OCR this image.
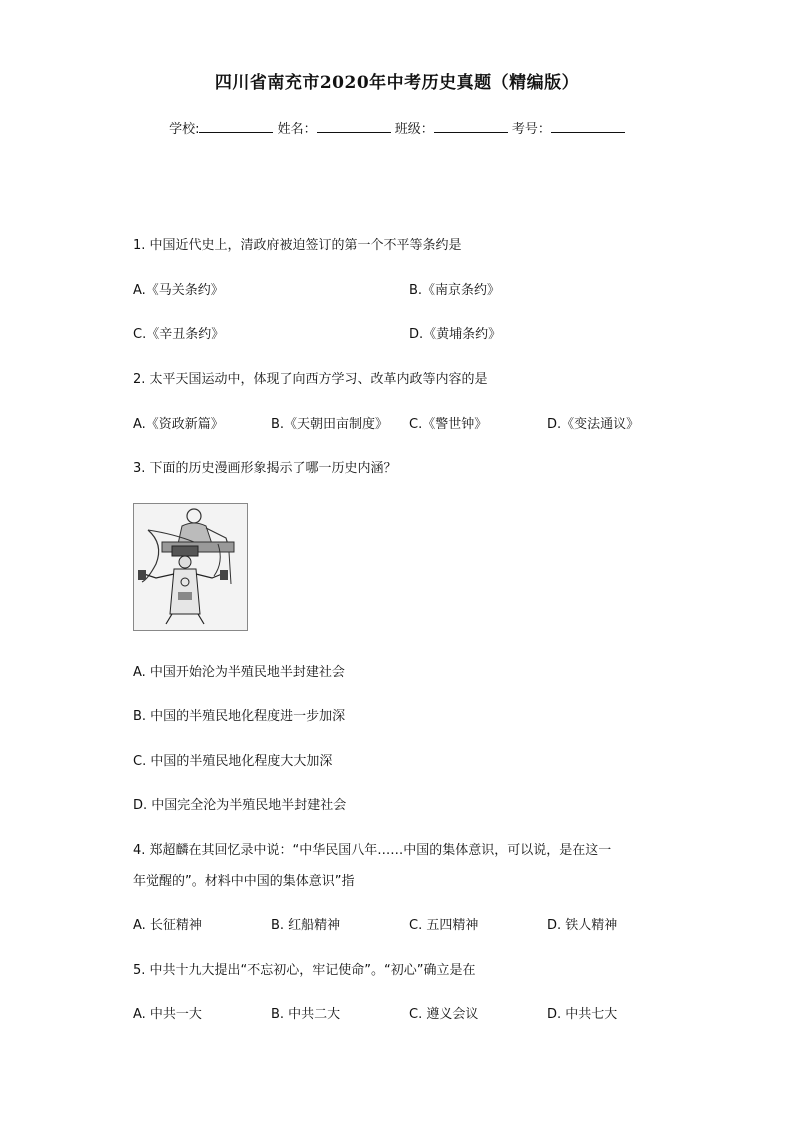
四川省南充市2020年中考历史真题（精编版）
学校:	姓名：	班级：	考号：
1. 中国近代史上，清政府被迫签订的第一个不平等条约是
A.《马关条约》	B.《南京条约》
C.《辛丑条约》	D.《黄埔条约》
2. 太平天国运动中，体现了向西方学习、改革内政等内容的是
A.《资政新篇》	B.《天朝田亩制度》 C.《警世钟》	D.《变法通议》
3. 下面的历史漫画形象揭示了哪一历史内涵？
A. 中国开始沦为半殖民地半封建社会
B. 中国的半殖民地化程度进一步加深
C. 中国的半殖民地化程度大大加深
D. 中国完全沦为半殖民地半封建社会
4. 郑超麟在其回忆录中说：“中华民国八年……中国的集体意识，可以说，是在这一
年觉醒的”。材料中中国的集体意识”指
A. 长征精神	B. 红船精神	C. 五四精神	D. 铁人精神
5. 中共十九大提出“不忘初心，牢记使命”。“初心”确立是在
A. 中共一大	B. 中共二大	C. 遵义会议	D. 中共七大
